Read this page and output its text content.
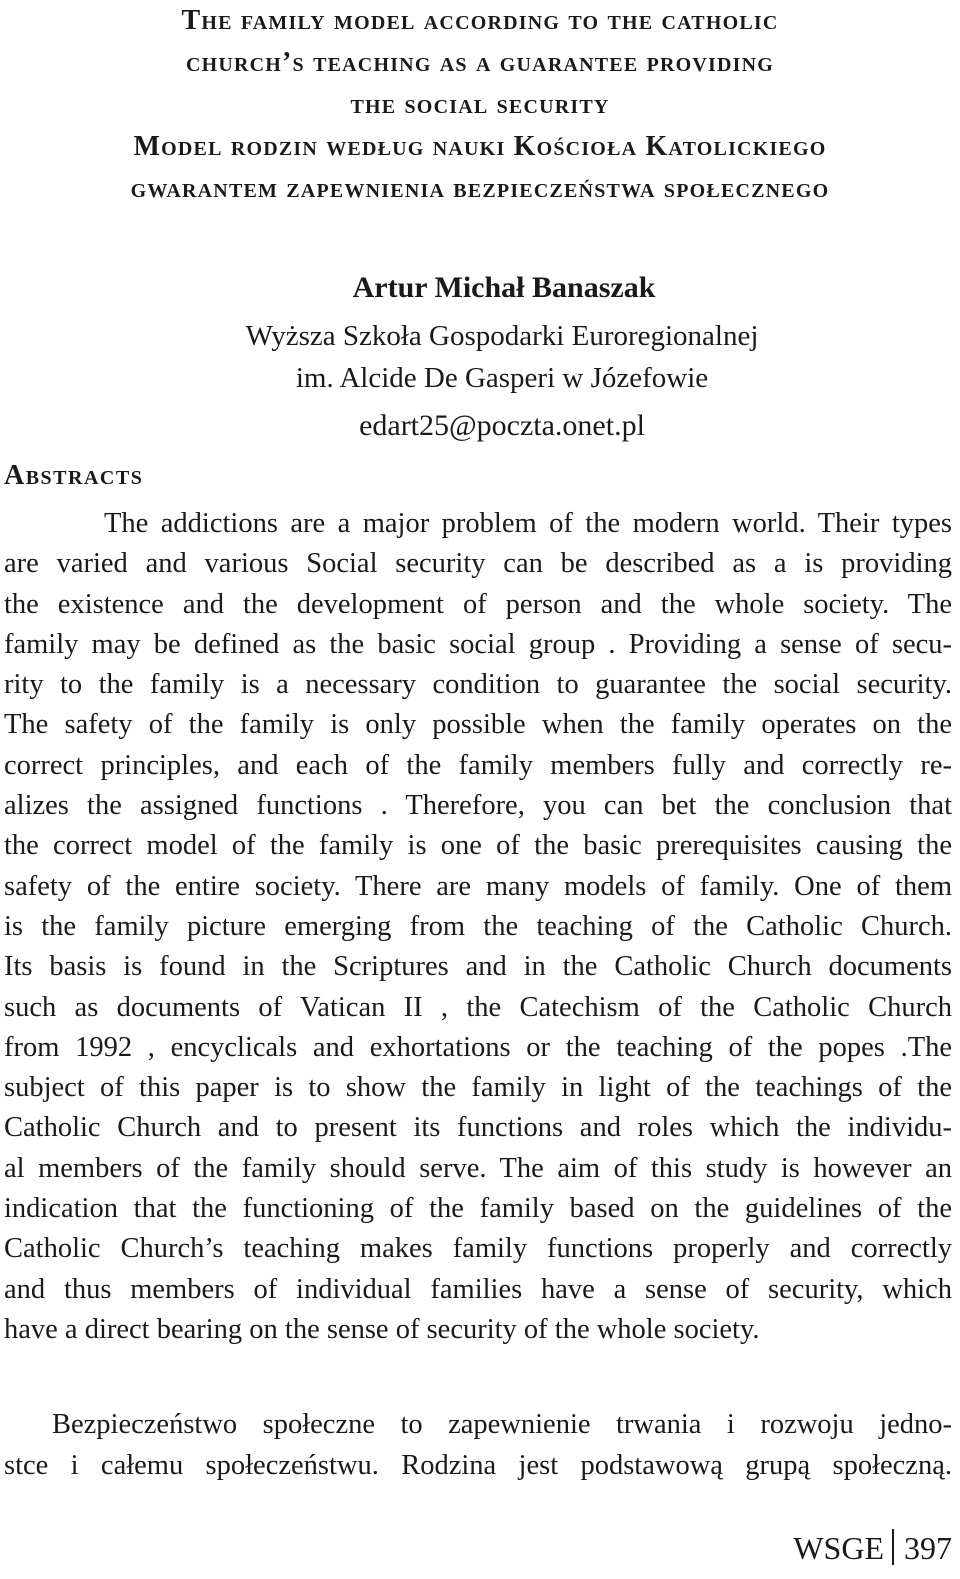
The family model according to the catholic
church’s teaching as a guarantee providing
the social security
Model rodzin według nauki Kościoła Katolickiego
gwarantem zapewnienia bezpieczeństwa społecznego
Artur Michał Banaszak
Wyższa Szkoła Gospodarki Euroregionalnej
im. Alcide De Gasperi w Józefowie
edart25@poczta.onet.pl
Abstracts
The addictions are a major problem of the modern world. Their types
are varied and various Social security can be described as a is providing
the existence and the development of person and the whole society. The
family may be defined as the basic social group . Providing a sense of secu-
rity to the family is a necessary condition to guarantee the social security.
The safety of the family is only possible when the family operates on the
correct principles, and each of the family members fully and correctly re-
alizes the assigned functions . Therefore, you can bet the conclusion that
the correct model of the family is one of the basic prerequisites causing the
safety of the entire society. There are many models of family. One of them
is the family picture emerging from the teaching of the Catholic Church.
Its basis is found in the Scriptures and in the Catholic Church documents
such as documents of Vatican II , the Catechism of the Catholic Church
from 1992 , encyclicals and exhortations or the teaching of the popes .The
subject of this paper is to show the family in light of the teachings of the
Catholic Church and to present its functions and roles which the individu-
al members of the family should serve. The aim of this study is however an
indication that the functioning of the family based on the guidelines of the
Catholic Church’s teaching makes family functions properly and correctly
and thus members of individual families have a sense of security, which
have a direct bearing on the sense of security of the whole society.
Bezpieczeństwo społeczne to zapewnienie trwania i rozwoju jedno-
stce i całemu społeczeństwu. Rodzina jest podstawową grupą społeczną.
WSGE 397
